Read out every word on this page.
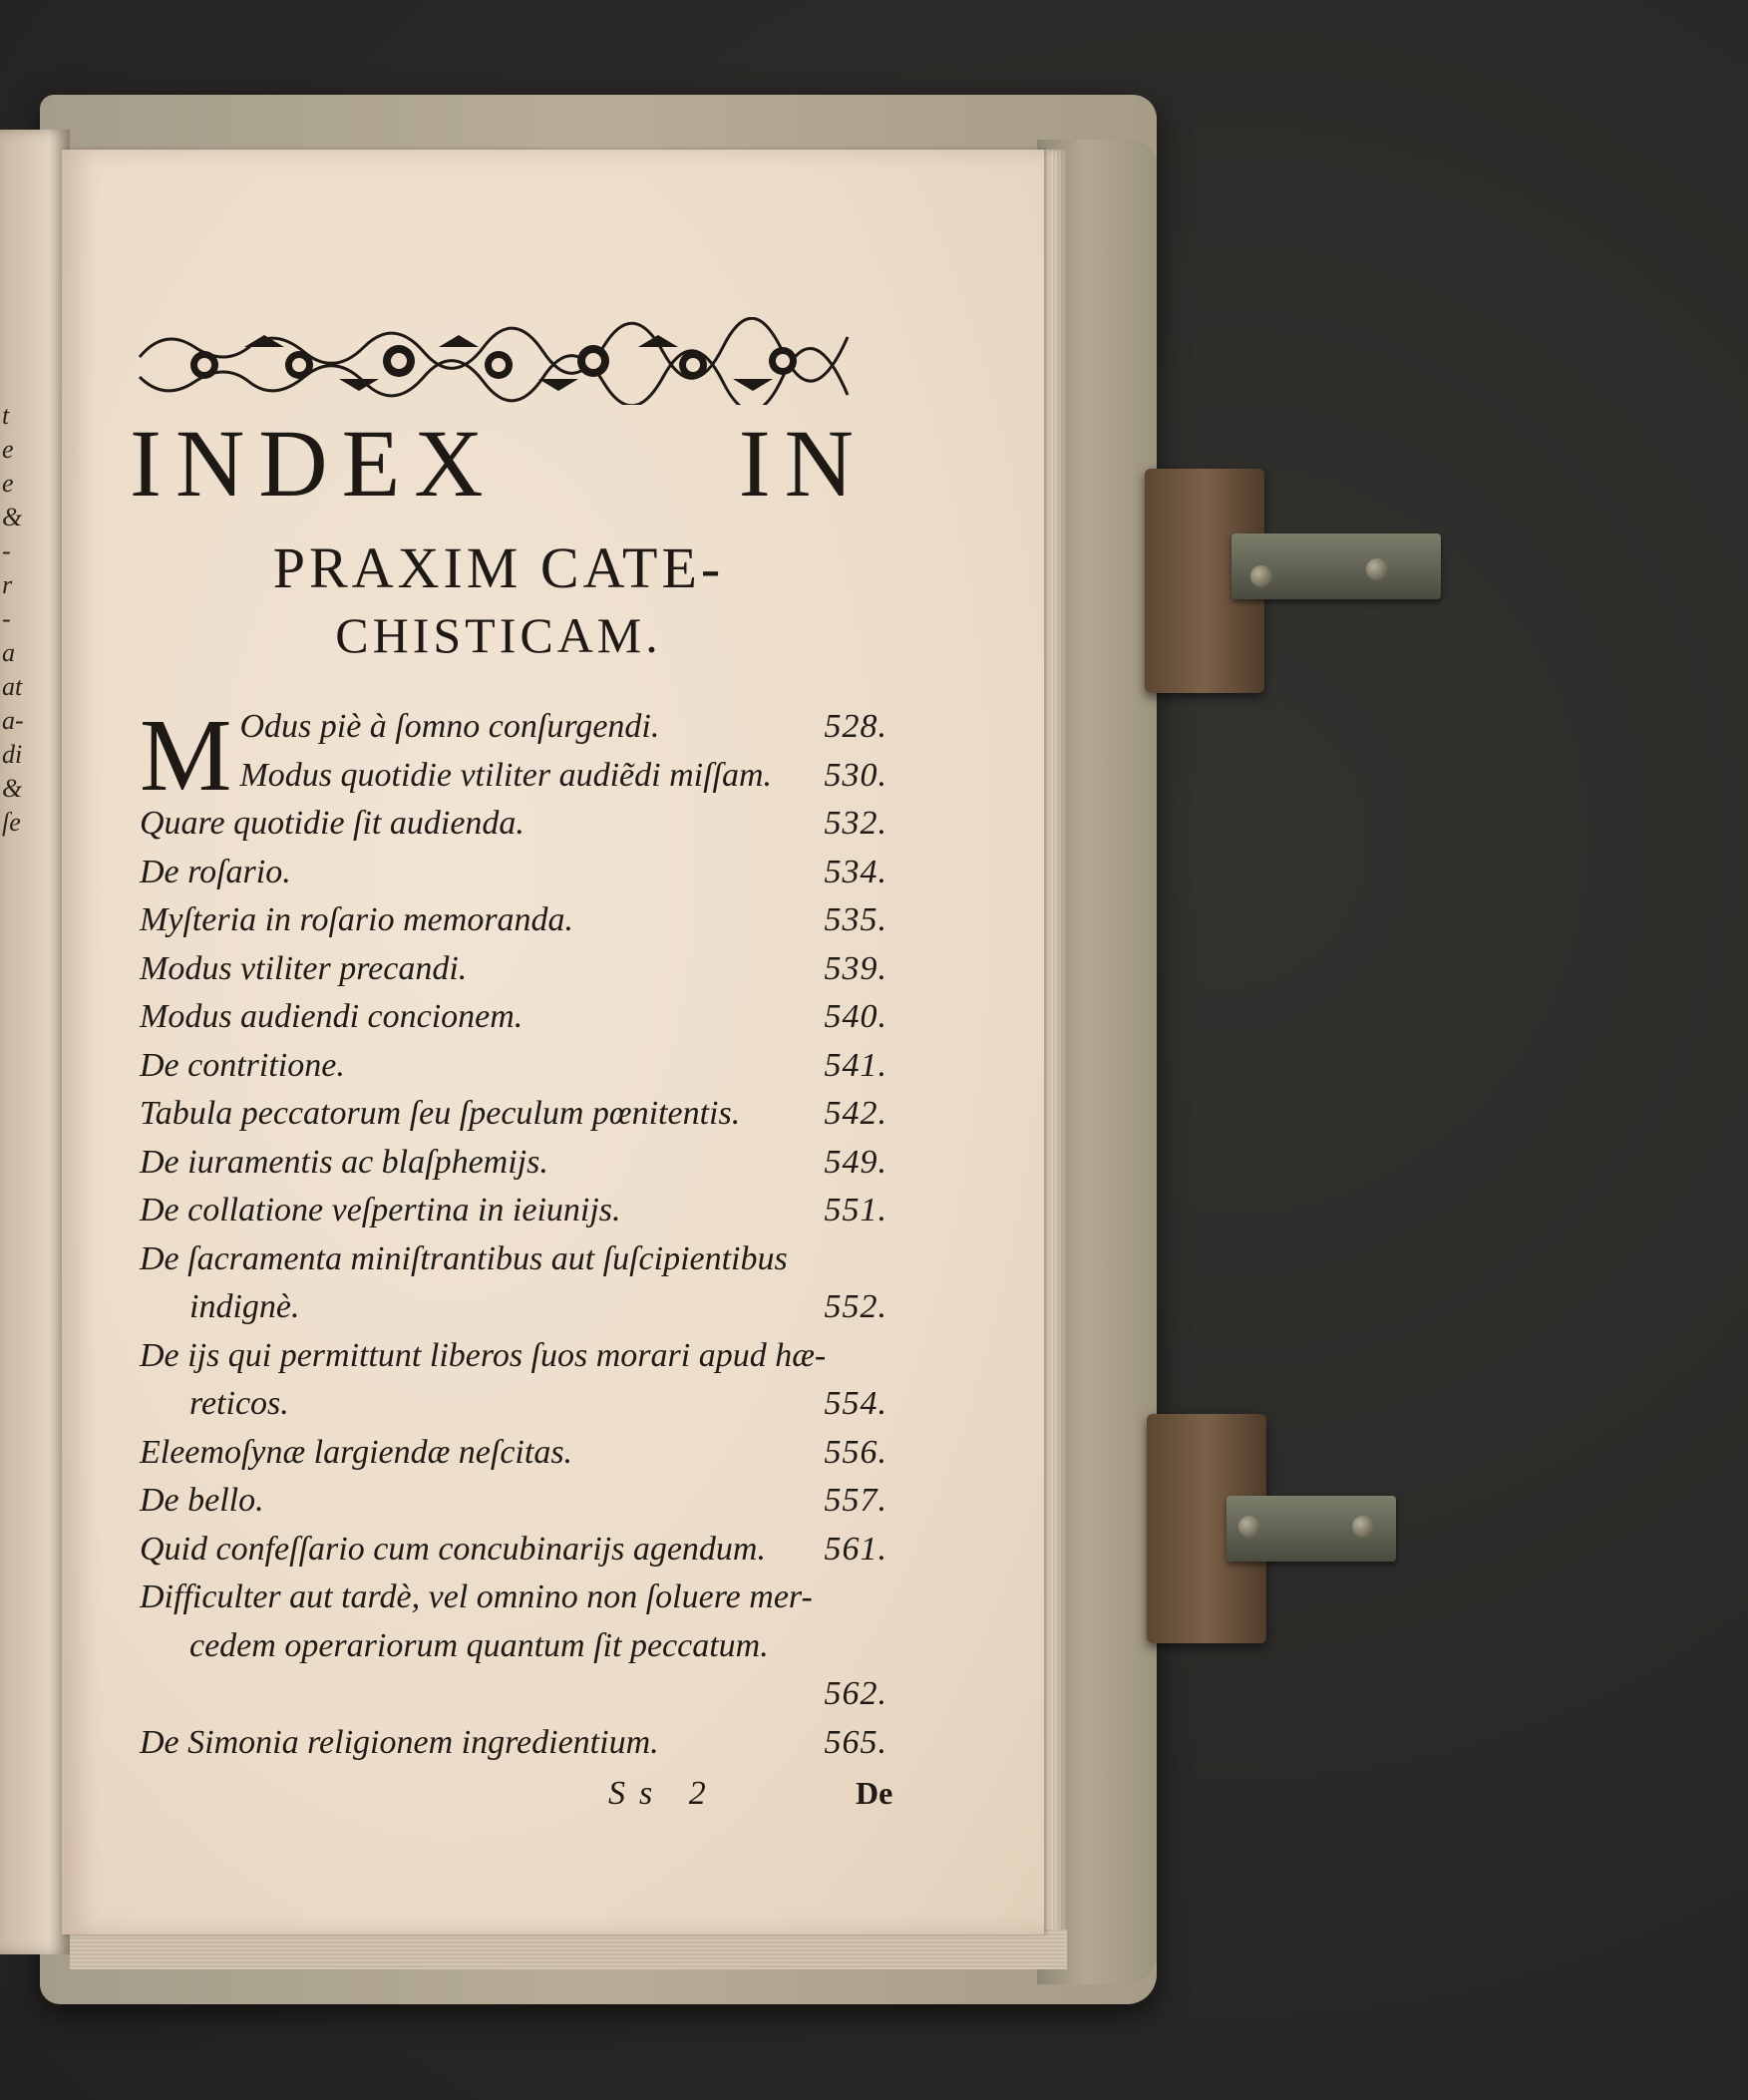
t
e
e
&
-
r
-
a
at
a-
di
&
ſe
INDEX IN
PRAXIM CATE-
CHISTICAM.
M Odus piè à ſomno conſurgendi.	528.
Modus quotidie vtiliter audiẽdi miſſam.	530.
Quare quotidie ſit audienda.	532.
De roſario.	534.
Myſteria in roſario memoranda.	535.
Modus vtiliter precandi.	539.
Modus audiendi concionem.	540.
De contritione.	541.
Tabula peccatorum ſeu ſpeculum pœnitentis.	542.
De iuramentis ac blaſphemijs.	549.
De collatione veſpertina in ieiunijs.	551.
De ſacramenta miniſtrantibus aut ſuſcipientibus
indignè.	552.
De ijs qui permittunt liberos ſuos morari apud hæ-
reticos.	554.
Eleemoſynæ largiendæ neſcitas.	556.
De bello.	557.
Quid confeſſario cum concubinarijs agendum.	561.
Difficulter aut tardè, vel omnino non ſoluere mer-
cedem operariorum quantum ſit peccatum.
562.
De Simonia religionem ingredientium.	565.
Ss 2	De
